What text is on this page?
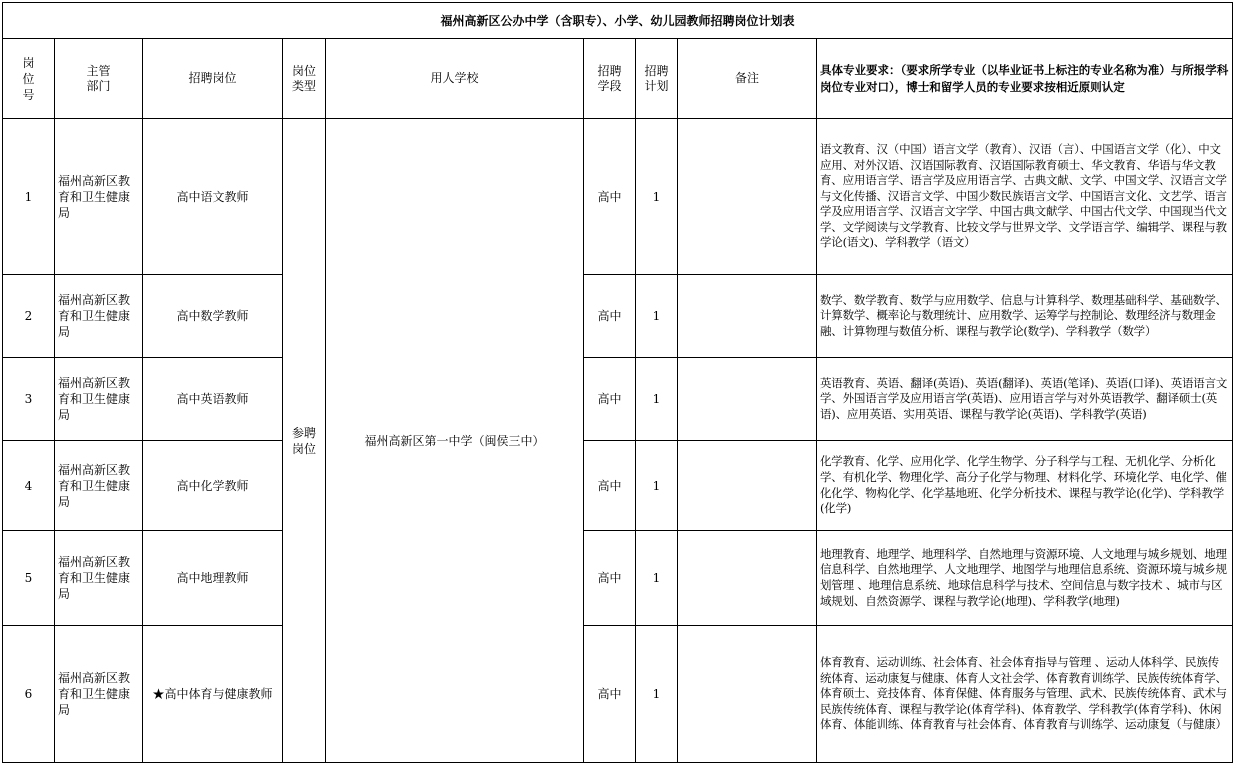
福州高新区公办中学（含职专）、小学、幼儿园教师招聘岗位计划表								

岗位号	主管部门	招聘岗位	岗位类型	用人学校	招聘学段	招聘计划	备注	具体专业要求：（要求所学专业（以毕业证书上标注的专业名称为准）与所报学科岗位专业对口），博士和留学人员的专业要求按相近原则认定
1	福州高新区教育和卫生健康局	高中语文教师	参聘岗位	福州高新区第一中学（闽侯三中）	高中	1		语文教育、汉（中国）语言文学（教育）、汉语（言）、中国语言文学（化）、中文应用、对外汉语、汉语国际教育、汉语国际教育硕士、华文教育、华语与华文教育、应用语言学、语言学及应用语言学、古典文献、文学、中国文学、汉语言文学与文化传播、汉语言文学、中国少数民族语言文学、中国语言文化、文艺学、语言学及应用语言学、汉语言文字学、中国古典文献学、中国古代文学、中国现当代文学、文学阅读与文学教育、比较文学与世界文学、文学语言学、编辑学、课程与教学论(语文)、学科教学（语文）
2	福州高新区教育和卫生健康局	高中数学教师			高中	1		数学、数学教育、数学与应用数学、信息与计算科学、数理基础科学、基础数学、计算数学、概率论与数理统计、应用数学、运筹学与控制论、数理经济与数理金融、计算物理与数值分析、课程与教学论(数学)、学科教学（数学）
3	福州高新区教育和卫生健康局	高中英语教师			高中	1		英语教育、英语、翻译(英语)、英语(翻译)、英语(笔译)、英语(口译)、英语语言文学、外国语言学及应用语言学(英语)、应用语言学与对外英语教学、翻译硕士(英语)、应用英语、实用英语、课程与教学论(英语)、学科教学(英语)
4	福州高新区教育和卫生健康局	高中化学教师			高中	1		化学教育、化学、应用化学、化学生物学、分子科学与工程、无机化学、分析化学、有机化学、物理化学、高分子化学与物理、材料化学、环境化学、电化学、催化化学、物构化学、化学基地班、化学分析技术、课程与教学论(化学)、学科教学(化学)
5	福州高新区教育和卫生健康局	高中地理教师			高中	1		地理教育、地理学、地理科学、自然地理与资源环境、人文地理与城乡规划、地理信息科学、自然地理学、人文地理学、地图学与地理信息系统、资源环境与城乡规划管理 、地理信息系统、地球信息科学与技术、空间信息与数字技术 、城市与区域规划、自然资源学、课程与教学论(地理)、学科教学(地理)
6	福州高新区教育和卫生健康局	★高中体育与健康教师			高中	1		体育教育、运动训练、社会体育、社会体育指导与管理 、运动人体科学、民族传统体育、运动康复与健康、体育人文社会学、体育教育训练学、民族传统体育学、体育硕士、竞技体育、体育保健、体育服务与管理、武术、民族传统体育、武术与民族传统体育、课程与教学论(体育学科)、体育教学、学科教学(体育学科)、休闲体育、体能训练、体育教育与社会体育、体育教育与训练学、运动康复（与健康）
